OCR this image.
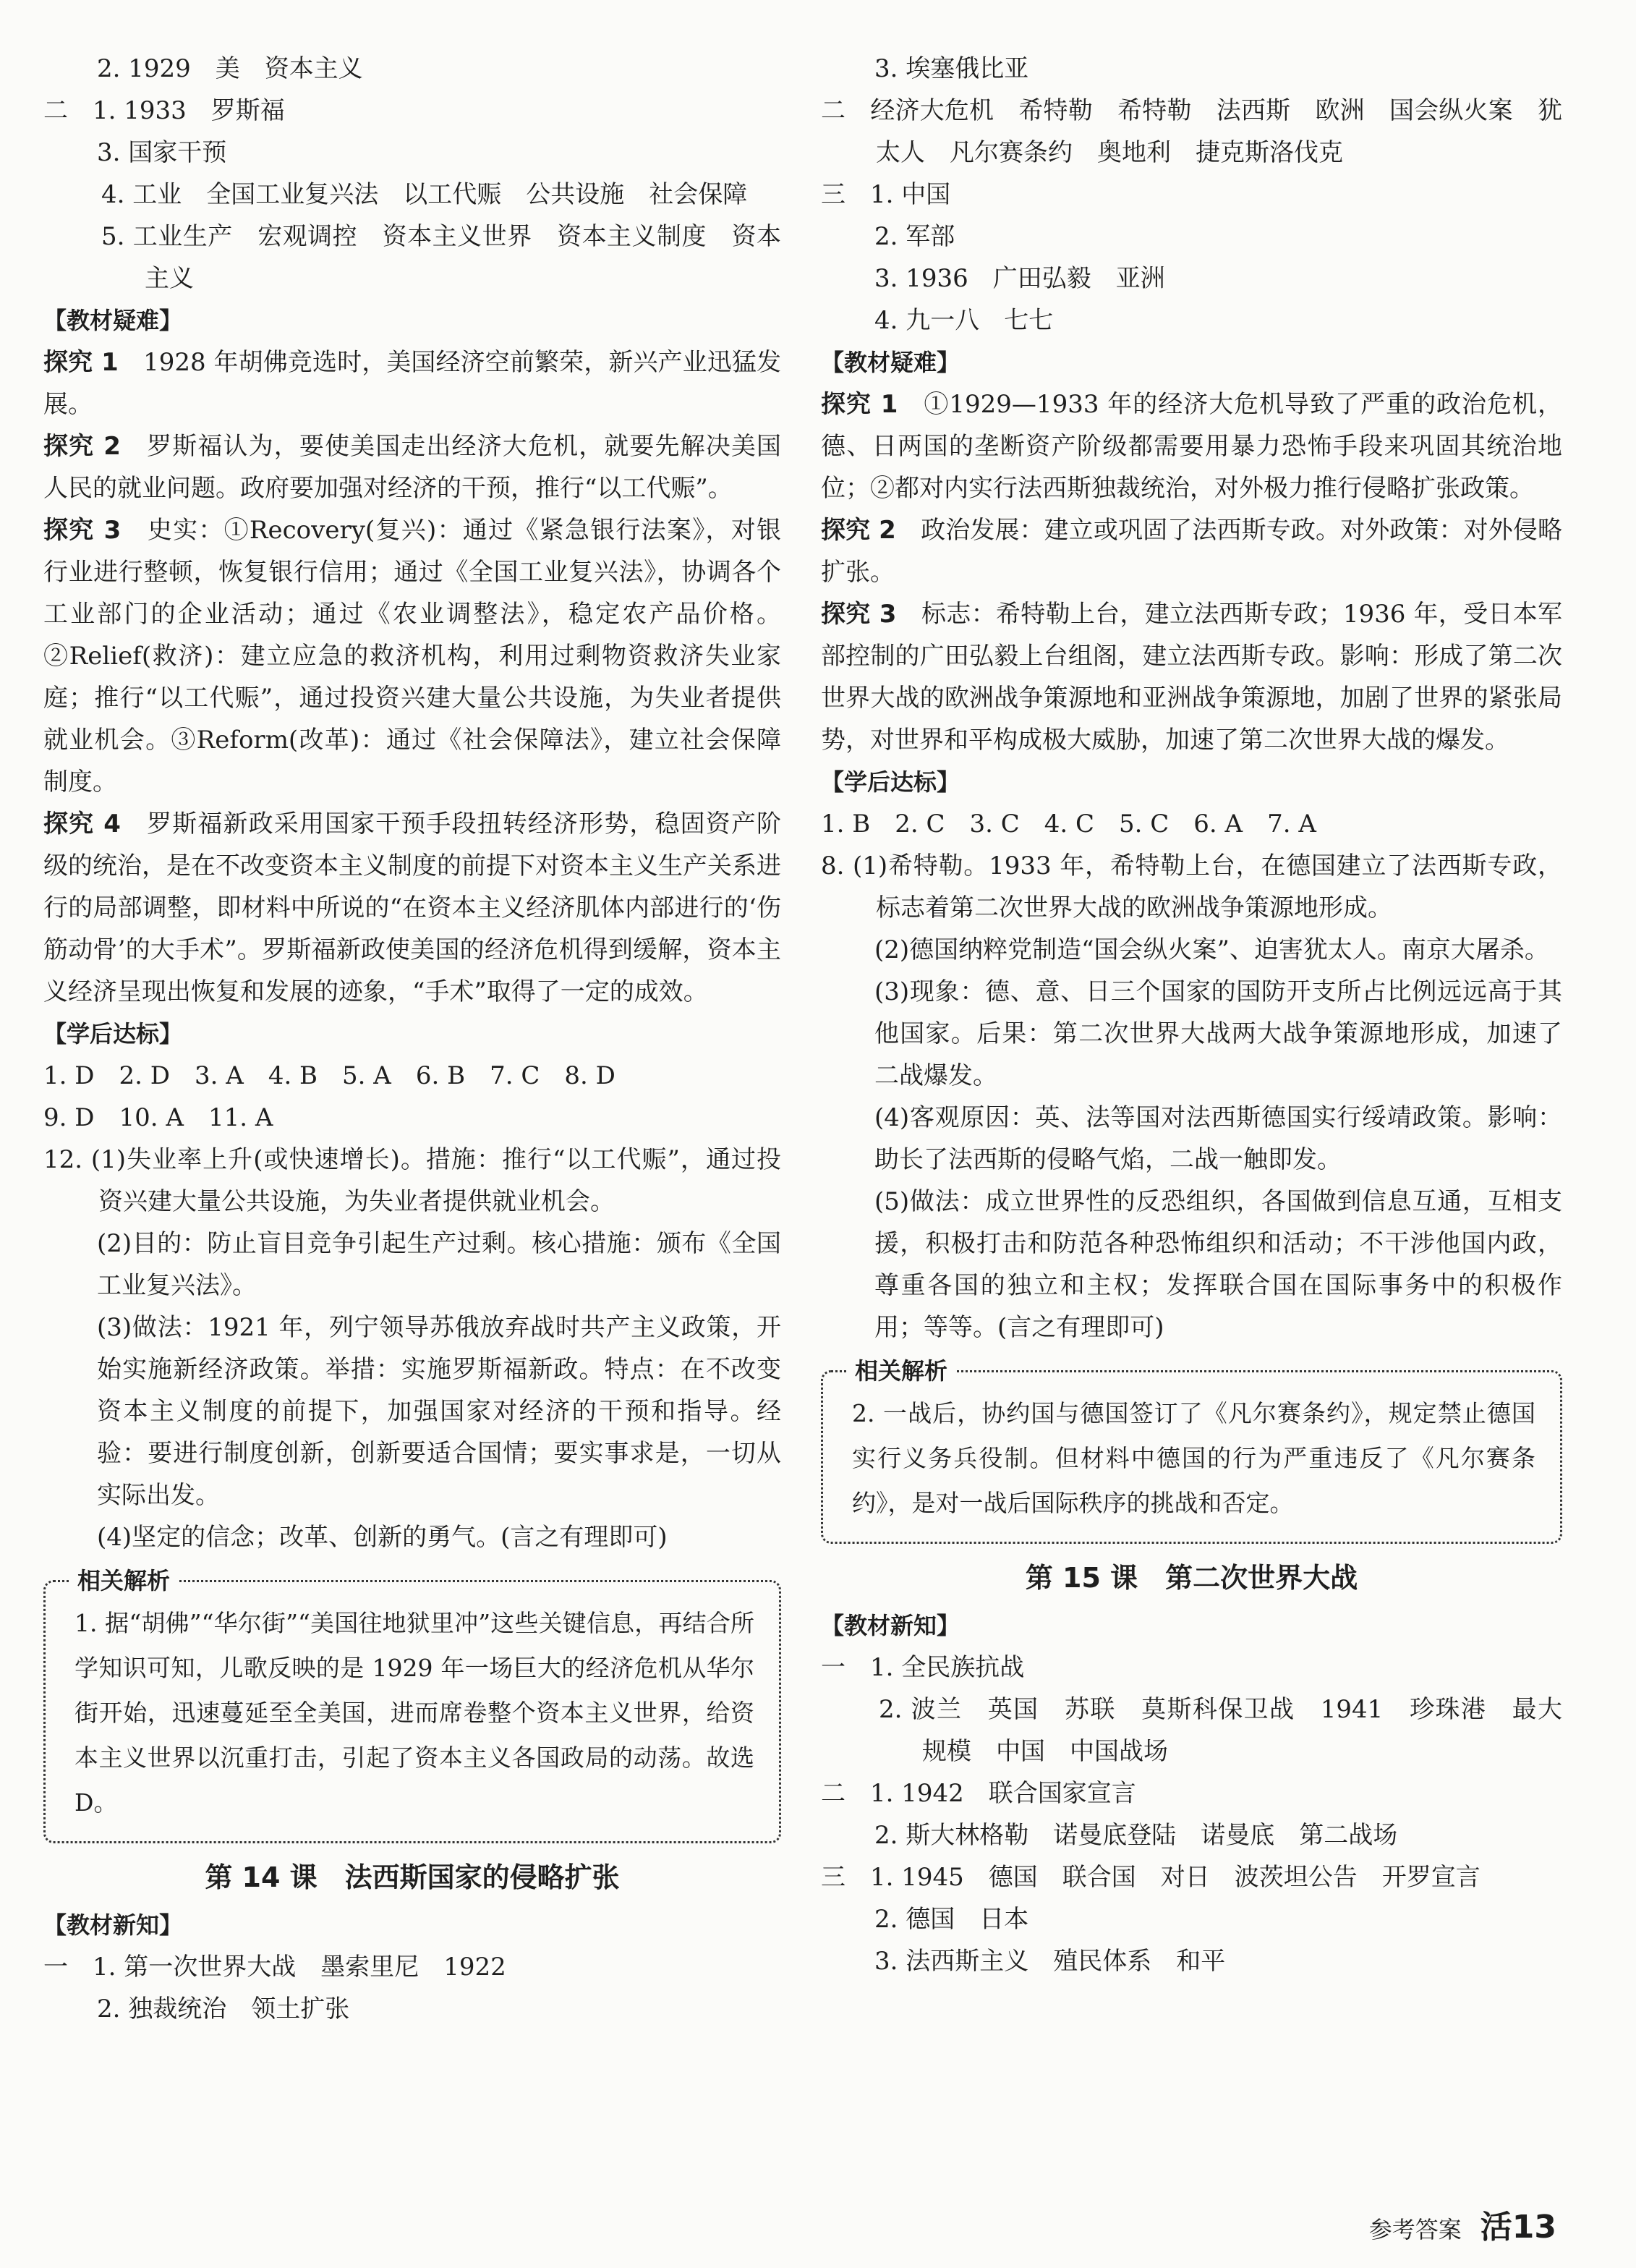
2. 1929　美　资本主义
二　1. 1933　罗斯福
3. 国家干预
4. 工业　全国工业复兴法　以工代赈　公共设施　社会保障
5. 工业生产　宏观调控　资本主义世界　资本主义制度　资本主义
【教材疑难】
探究 1　 1928 年胡佛竞选时，美国经济空前繁荣，新兴产业迅猛发展。
探究 2　 罗斯福认为，要使美国走出经济大危机，就要先解决美国人民的就业问题。政府要加强对经济的干预，推行“以工代赈”。
探究 3　 史实：①Recovery(复兴)：通过《紧急银行法案》，对银行业进行整顿，恢复银行信用；通过《全国工业复兴法》，协调各个工业部门的企业活动；通过《农业调整法》，稳定农产品价格。②Relief(救济)：建立应急的救济机构，利用过剩物资救济失业家庭；推行“以工代赈”，通过投资兴建大量公共设施，为失业者提供就业机会。③Reform(改革)：通过《社会保障法》，建立社会保障制度。
探究 4　 罗斯福新政采用国家干预手段扭转经济形势，稳固资产阶级的统治，是在不改变资本主义制度的前提下对资本主义生产关系进行的局部调整，即材料中所说的“在资本主义经济肌体内部进行的‘伤筋动骨’的大手术”。罗斯福新政使美国的经济危机得到缓解，资本主义经济呈现出恢复和发展的迹象，“手术”取得了一定的成效。
【学后达标】
1. D　2. D　3. A　4. B　5. A　6. B　7. C　8. D
9. D　10. A　11. A
12. (1)失业率上升(或快速增长)。措施：推行“以工代赈”，通过投资兴建大量公共设施，为失业者提供就业机会。
(2)目的：防止盲目竞争引起生产过剩。核心措施：颁布《全国工业复兴法》。
(3)做法：1921 年，列宁领导苏俄放弃战时共产主义政策，开始实施新经济政策。举措：实施罗斯福新政。特点：在不改变资本主义制度的前提下，加强国家对经济的干预和指导。经验：要进行制度创新，创新要适合国情；要实事求是，一切从实际出发。
(4)坚定的信念；改革、创新的勇气。(言之有理即可)
相关解析

1. 据“胡佛”“华尔街”“美国往地狱里冲”这些关键信息，再结合所学知识可知，儿歌反映的是 1929 年一场巨大的经济危机从华尔街开始，迅速蔓延至全美国，进而席卷整个资本主义世界，给资本主义世界以沉重打击，引起了资本主义各国政局的动荡。故选 D。

第 14 课　法西斯国家的侵略扩张
【教材新知】
一　1. 第一次世界大战　墨索里尼　1922
2. 独裁统治　领土扩张
3. 埃塞俄比亚
二　经济大危机　希特勒　希特勒　法西斯　欧洲　国会纵火案　犹太人　凡尔赛条约　奥地利　捷克斯洛伐克
三　1. 中国
2. 军部
3. 1936　广田弘毅　亚洲
4. 九一八　七七
【教材疑难】
探究 1　 ①1929—1933 年的经济大危机导致了严重的政治危机，德、日两国的垄断资产阶级都需要用暴力恐怖手段来巩固其统治地位；②都对内实行法西斯独裁统治，对外极力推行侵略扩张政策。
探究 2　 政治发展：建立或巩固了法西斯专政。对外政策：对外侵略扩张。
探究 3　 标志：希特勒上台，建立法西斯专政；1936 年，受日本军部控制的广田弘毅上台组阁，建立法西斯专政。影响：形成了第二次世界大战的欧洲战争策源地和亚洲战争策源地，加剧了世界的紧张局势，对世界和平构成极大威胁，加速了第二次世界大战的爆发。
【学后达标】
1. B　2. C　3. C　4. C　5. C　6. A　7. A
8. (1)希特勒。1933 年，希特勒上台，在德国建立了法西斯专政，标志着第二次世界大战的欧洲战争策源地形成。
(2)德国纳粹党制造“国会纵火案”、迫害犹太人。南京大屠杀。
(3)现象：德、意、日三个国家的国防开支所占比例远远高于其他国家。后果：第二次世界大战两大战争策源地形成，加速了二战爆发。
(4)客观原因：英、法等国对法西斯德国实行绥靖政策。影响：助长了法西斯的侵略气焰，二战一触即发。
(5)做法：成立世界性的反恐组织，各国做到信息互通，互相支援，积极打击和防范各种恐怖组织和活动；不干涉他国内政，尊重各国的独立和主权；发挥联合国在国际事务中的积极作用；等等。(言之有理即可)
相关解析

2. 一战后，协约国与德国签订了《凡尔赛条约》，规定禁止德国实行义务兵役制。但材料中德国的行为严重违反了《凡尔赛条约》，是对一战后国际秩序的挑战和否定。

第 15 课　第二次世界大战
【教材新知】
一　1. 全民族抗战
2. 波兰　英国　苏联　莫斯科保卫战　1941　珍珠港　最大规模　中国　中国战场
二　1. 1942　联合国家宣言
2. 斯大林格勒　诺曼底登陆　诺曼底　第二战场
三　1. 1945　德国　联合国　对日　波茨坦公告　开罗宣言
2. 德国　日本
3. 法西斯主义　殖民体系　和平
参考答案 活13
